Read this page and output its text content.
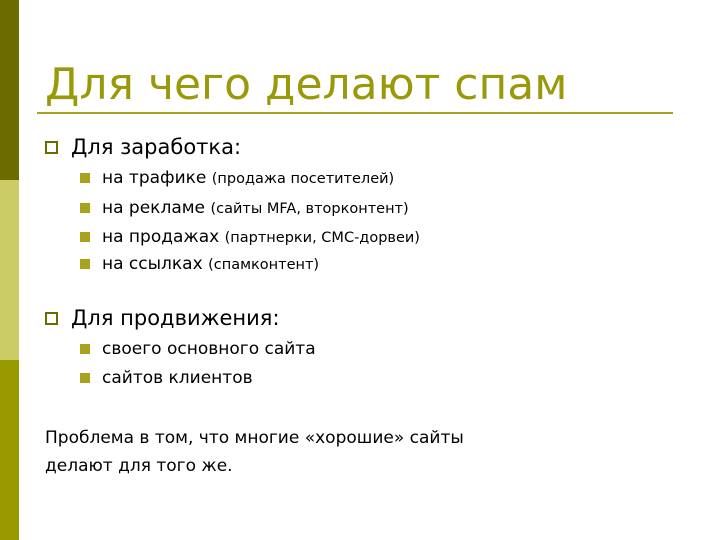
Для чего делают спам
Для заработка:
на трафике (продажа посетителей)
на рекламе (сайты MFA, вторконтент)
на продажах (партнерки, СМС-дорвеи)
на ссылках (спамконтент)
Для продвижения:
своего основного сайта
сайтов клиентов

Проблема в том, что многие «хорошие» сайты

делают для того же.
